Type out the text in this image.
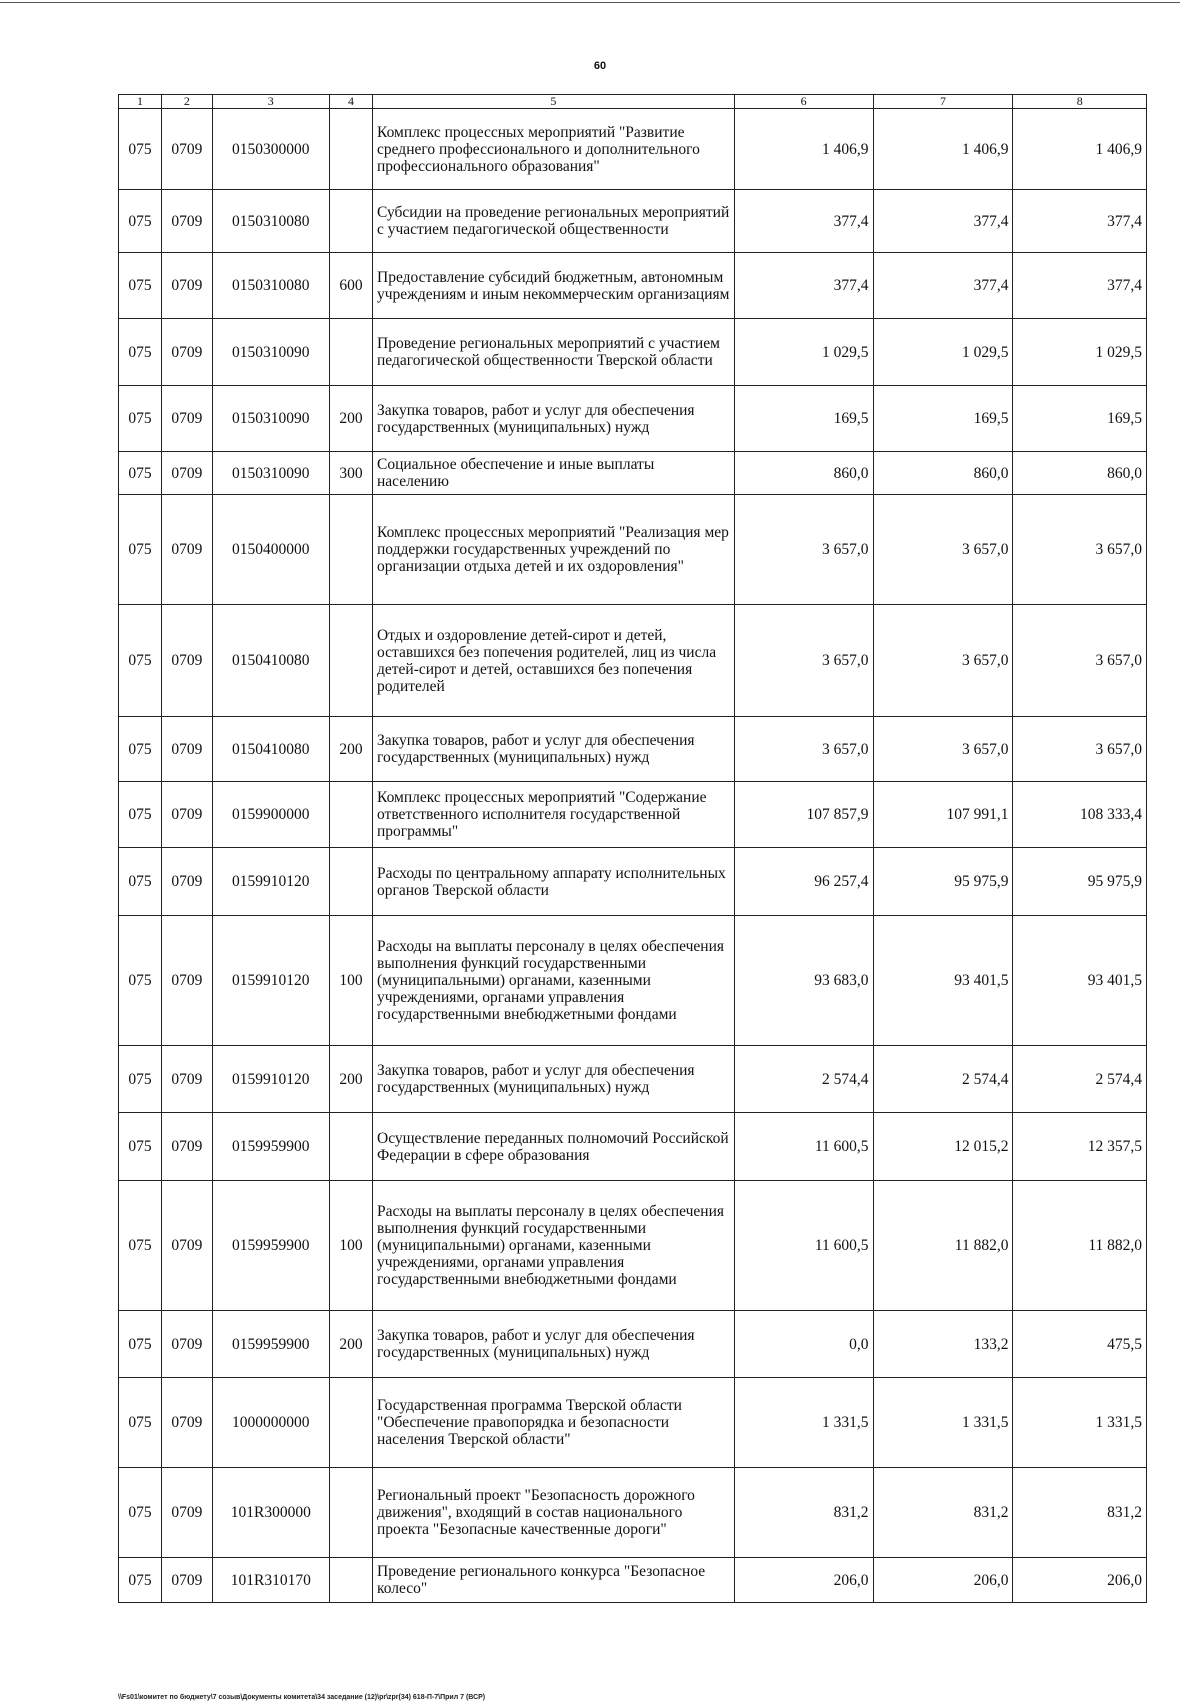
60
1	2	3	4	5	6	7	8
075	0709	0150300000		Комплекс процессных мероприятий "Развитие среднего профессионального и дополнительного профессионального образования"	1 406,9	1 406,9	1 406,9
075	0709	0150310080		Субсидии на проведение региональных мероприятий с участием педагогической общественности	377,4	377,4	377,4
075	0709	0150310080	600	Предоставление субсидий бюджетным, автономным учреждениям и иным некоммерческим организациям	377,4	377,4	377,4
075	0709	0150310090		Проведение региональных мероприятий с участием педагогической общественности Тверской области	1 029,5	1 029,5	1 029,5
075	0709	0150310090	200	Закупка товаров, работ и услуг для обеспечения государственных (муниципальных) нужд	169,5	169,5	169,5
075	0709	0150310090	300	Социальное обеспечение и иные выплаты населению	860,0	860,0	860,0
075	0709	0150400000		Комплекс процессных мероприятий "Реализация мер поддержки государственных учреждений по организации отдыха детей и их оздоровления"	3 657,0	3 657,0	3 657,0
075	0709	0150410080		Отдых и оздоровление детей-сирот и детей, оставшихся без попечения родителей, лиц из числа детей-сирот и детей, оставшихся без попечения родителей	3 657,0	3 657,0	3 657,0
075	0709	0150410080	200	Закупка товаров, работ и услуг для обеспечения государственных (муниципальных) нужд	3 657,0	3 657,0	3 657,0
075	0709	0159900000		Комплекс процессных мероприятий "Содержание ответственного исполнителя государственной программы"	107 857,9	107 991,1	108 333,4
075	0709	0159910120		Расходы по центральному аппарату исполнительных органов Тверской области	96 257,4	95 975,9	95 975,9
075	0709	0159910120	100	Расходы на выплаты персоналу в целях обеспечения выполнения функций государственными (муниципальными) органами, казенными учреждениями, органами управления государственными внебюджетными фондами	93 683,0	93 401,5	93 401,5
075	0709	0159910120	200	Закупка товаров, работ и услуг для обеспечения государственных (муниципальных) нужд	2 574,4	2 574,4	2 574,4
075	0709	0159959900		Осуществление переданных полномочий Российской Федерации в сфере образования	11 600,5	12 015,2	12 357,5
075	0709	0159959900	100	Расходы на выплаты персоналу в целях обеспечения выполнения функций государственными (муниципальными) органами, казенными учреждениями, органами управления государственными внебюджетными фондами	11 600,5	11 882,0	11 882,0
075	0709	0159959900	200	Закупка товаров, работ и услуг для обеспечения государственных (муниципальных) нужд	0,0	133,2	475,5
075	0709	1000000000		Государственная программа Тверской области "Обеспечение правопорядка и безопасности населения Тверской области"	1 331,5	1 331,5	1 331,5
075	0709	101R300000		Региональный проект "Безопасность дорожного движения", входящий в состав национального проекта "Безопасные качественные дороги"	831,2	831,2	831,2
075	0709	101R310170		Проведение регионального конкурса "Безопасное колесо"	206,0	206,0	206,0
\\Fs01\комитет по бюджету\7 созыв\Документы комитета\34 заседание (12)\pr\zpr(34) 618-П-7\Прил 7 (ВСР)
